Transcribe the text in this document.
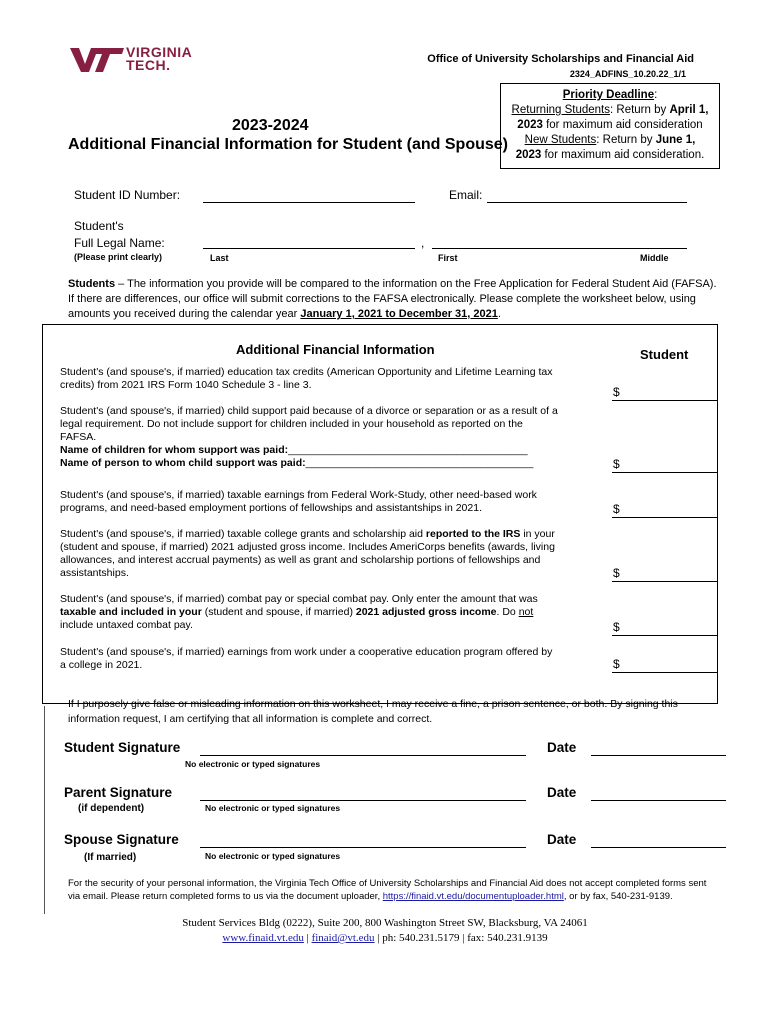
VIRGINIA
TECH.	Office of University Scholarships and Financial Aid
2324_ADFINS_10.20.22_1/1
Priority Deadline:
Returning Students: Return by April 1,
2023 for maximum aid consideration
New Students: Return by June 1,
2023 for maximum aid consideration.
2023-2024
Additional Financial Information for Student (and Spouse)
Student ID Number:	Email:
Student's
Full Legal Name:
(Please print clearly)
,
Last	First	Middle
Students – The information you provide will be compared to the information on the Free Application for Federal Student Aid (FAFSA). If there are differences, our office will submit corrections to the FAFSA electronically. Please complete the worksheet below, using amounts you received during the calendar year January 1, 2021 to December 31, 2021.
Additional Financial Information	Student
Student's (and spouse's, if married) education tax credits (American Opportunity and Lifetime Learning tax credits) from 2021 IRS Form 1040 Schedule 3 - line 3.	$
Student's (and spouse's, if married) child support paid because of a divorce or separation or as a result of a legal requirement. Do not include support for children included in your household as reported on the FAFSA.
Name of children for whom support was paid:_________________________________________
Name of person to whom child support was paid:_______________________________________	$
Student's (and spouse's, if married) taxable earnings from Federal Work-Study, other need-based work programs, and need-based employment portions of fellowships and assistantships in 2021.	$
Student's (and spouse's, if married) taxable college grants and scholarship aid reported to the IRS in your (student and spouse, if married) 2021 adjusted gross income. Includes AmeriCorps benefits (awards, living allowances, and interest accrual payments) as well as grant and scholarship portions of fellowships and assistantships.	$
Student's (and spouse's, if married) combat pay or special combat pay. Only enter the amount that was taxable and included in your (student and spouse, if married) 2021 adjusted gross income. Do not include untaxed combat pay.	$
Student's (and spouse's, if married) earnings from work under a cooperative education program offered by a college in 2021.	$
If I purposely give false or misleading information on this worksheet, I may receive a fine, a prison sentence, or both. By signing this information request, I am certifying that all information is complete and correct.
Student Signature
No electronic or typed signatures
Date
Parent Signature
(if dependent)	No electronic or typed signatures
Date
Spouse Signature
(If married)	No electronic or typed signatures
Date
For the security of your personal information, the Virginia Tech Office of University Scholarships and Financial Aid does not accept completed forms sent via email. Please return completed forms to us via the document uploader, https://finaid.vt.edu/documentuploader.html, or by fax, 540-231-9139.
Student Services Bldg (0222), Suite 200, 800 Washington Street SW, Blacksburg, VA 24061
www.finaid.vt.edu | finaid@vt.edu | ph: 540.231.5179 | fax: 540.231.9139
